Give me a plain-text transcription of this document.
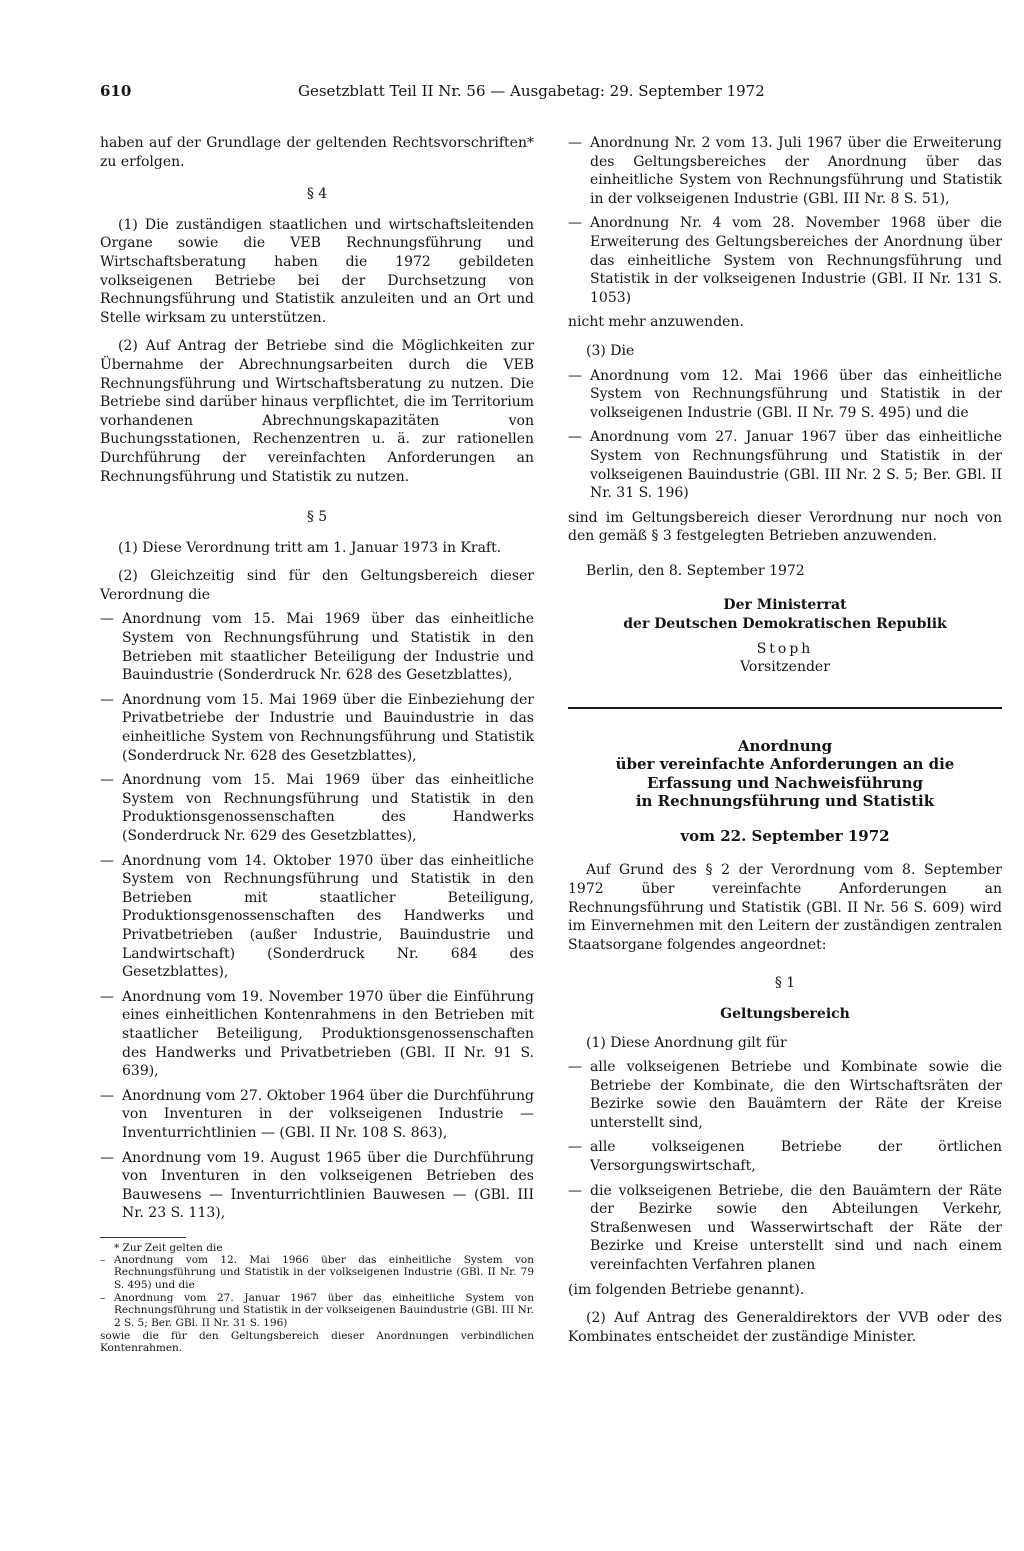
610	Gesetzblatt Teil II Nr. 56 — Ausgabetag: 29. September 1972

haben auf der Grundlage der geltenden Rechtsvorschriften* zu erfolgen.

§ 4

(1) Die zuständigen staatlichen und wirtschaftsleitenden Organe sowie die VEB Rechnungsführung und Wirtschaftsberatung haben die 1972 gebildeten volkseigenen Betriebe bei der Durchsetzung von Rechnungsführung und Statistik anzuleiten und an Ort und Stelle wirksam zu unterstützen.

(2) Auf Antrag der Betriebe sind die Möglichkeiten zur Übernahme der Abrechnungsarbeiten durch die VEB Rechnungsführung und Wirtschaftsberatung zu nutzen. Die Betriebe sind darüber hinaus verpflichtet, die im Territorium vorhandenen Abrechnungskapazitäten von Buchungsstationen, Rechenzentren u. ä. zur rationellen Durchführung der vereinfachten Anforderungen an Rechnungsführung und Statistik zu nutzen.

§ 5

(1) Diese Verordnung tritt am 1. Januar 1973 in Kraft.

(2) Gleichzeitig sind für den Geltungsbereich dieser Verordnung die

— Anordnung vom 15. Mai 1969 über das einheitliche System von Rechnungsführung und Statistik in den Betrieben mit staatlicher Beteiligung der Industrie und Bauindustrie (Sonderdruck Nr. 628 des Gesetzblattes),
— Anordnung vom 15. Mai 1969 über die Einbeziehung der Privatbetriebe der Industrie und Bauindustrie in das einheitliche System von Rechnungsführung und Statistik (Sonderdruck Nr. 628 des Gesetzblattes),
— Anordnung vom 15. Mai 1969 über das einheitliche System von Rechnungsführung und Statistik in den Produktionsgenossenschaften des Handwerks (Sonderdruck Nr. 629 des Gesetzblattes),
— Anordnung vom 14. Oktober 1970 über das einheitliche System von Rechnungsführung und Statistik in den Betrieben mit staatlicher Beteiligung, Produktionsgenossenschaften des Handwerks und Privatbetrieben (außer Industrie, Bauindustrie und Landwirtschaft) (Sonderdruck Nr. 684 des Gesetzblattes),
— Anordnung vom 19. November 1970 über die Einführung eines einheitlichen Kontenrahmens in den Betrieben mit staatlicher Beteiligung, Produktionsgenossenschaften des Handwerks und Privatbetrieben (GBl. II Nr. 91 S. 639),
— Anordnung vom 27. Oktober 1964 über die Durchführung von Inventuren in der volkseigenen Industrie — Inventurrichtlinien — (GBl. II Nr. 108 S. 863),
— Anordnung vom 19. August 1965 über die Durchführung von Inventuren in den volkseigenen Betrieben des Bauwesens — Inventurrichtlinien Bauwesen — (GBl. III Nr. 23 S. 113),

* Zur Zeit gelten die

– Anordnung vom 12. Mai 1966 über das einheitliche System von Rechnungsführung und Statistik in der volkseigenen Industrie (GBl. II Nr. 79 S. 495) und die
– Anordnung vom 27. Januar 1967 über das einheitliche System von Rechnungsführung und Statistik in der volkseigenen Bauindustrie (GBl. III Nr. 2 S. 5; Ber. GBl. II Nr. 31 S. 196)

sowie die für den Geltungsbereich dieser Anordnungen verbindlichen Kontenrahmen.

— Anordnung Nr. 2 vom 13. Juli 1967 über die Erweiterung des Geltungsbereiches der Anordnung über das einheitliche System von Rechnungsführung und Statistik in der volkseigenen Industrie (GBl. III Nr. 8 S. 51),
— Anordnung Nr. 4 vom 28. November 1968 über die Erweiterung des Geltungsbereiches der Anordnung über das einheitliche System von Rechnungsführung und Statistik in der volkseigenen Industrie (GBl. II Nr. 131 S. 1053)

nicht mehr anzuwenden.

(3) Die

— Anordnung vom 12. Mai 1966 über das einheitliche System von Rechnungsführung und Statistik in der volkseigenen Industrie (GBl. II Nr. 79 S. 495) und die
— Anordnung vom 27. Januar 1967 über das einheitliche System von Rechnungsführung und Statistik in der volkseigenen Bauindustrie (GBl. III Nr. 2 S. 5; Ber. GBl. II Nr. 31 S. 196)

sind im Geltungsbereich dieser Verordnung nur noch von den gemäß § 3 festgelegten Betrieben anzuwenden.

Berlin, den 8. September 1972

Der Ministerrat

der Deutschen Demokratischen Republik

Stoph

Vorsitzender

Anordnung

über vereinfachte Anforderungen an die

Erfassung und Nachweisführung

in Rechnungsführung und Statistik

vom 22. September 1972

Auf Grund des § 2 der Verordnung vom 8. September 1972 über vereinfachte Anforderungen an Rechnungsführung und Statistik (GBl. II Nr. 56 S. 609) wird im Einvernehmen mit den Leitern der zuständigen zentralen Staatsorgane folgendes angeordnet:

§ 1

Geltungsbereich

(1) Diese Anordnung gilt für

— alle volkseigenen Betriebe und Kombinate sowie die Betriebe der Kombinate, die den Wirtschaftsräten der Bezirke sowie den Bauämtern der Räte der Kreise unterstellt sind,
— alle volkseigenen Betriebe der örtlichen Versorgungswirtschaft,
— die volkseigenen Betriebe, die den Bauämtern der Räte der Bezirke sowie den Abteilungen Verkehr, Straßenwesen und Wasserwirtschaft der Räte der Bezirke und Kreise unterstellt sind und nach einem vereinfachten Verfahren planen

(im folgenden Betriebe genannt).

(2) Auf Antrag des Generaldirektors der VVB oder des Kombinates entscheidet der zuständige Minister.
